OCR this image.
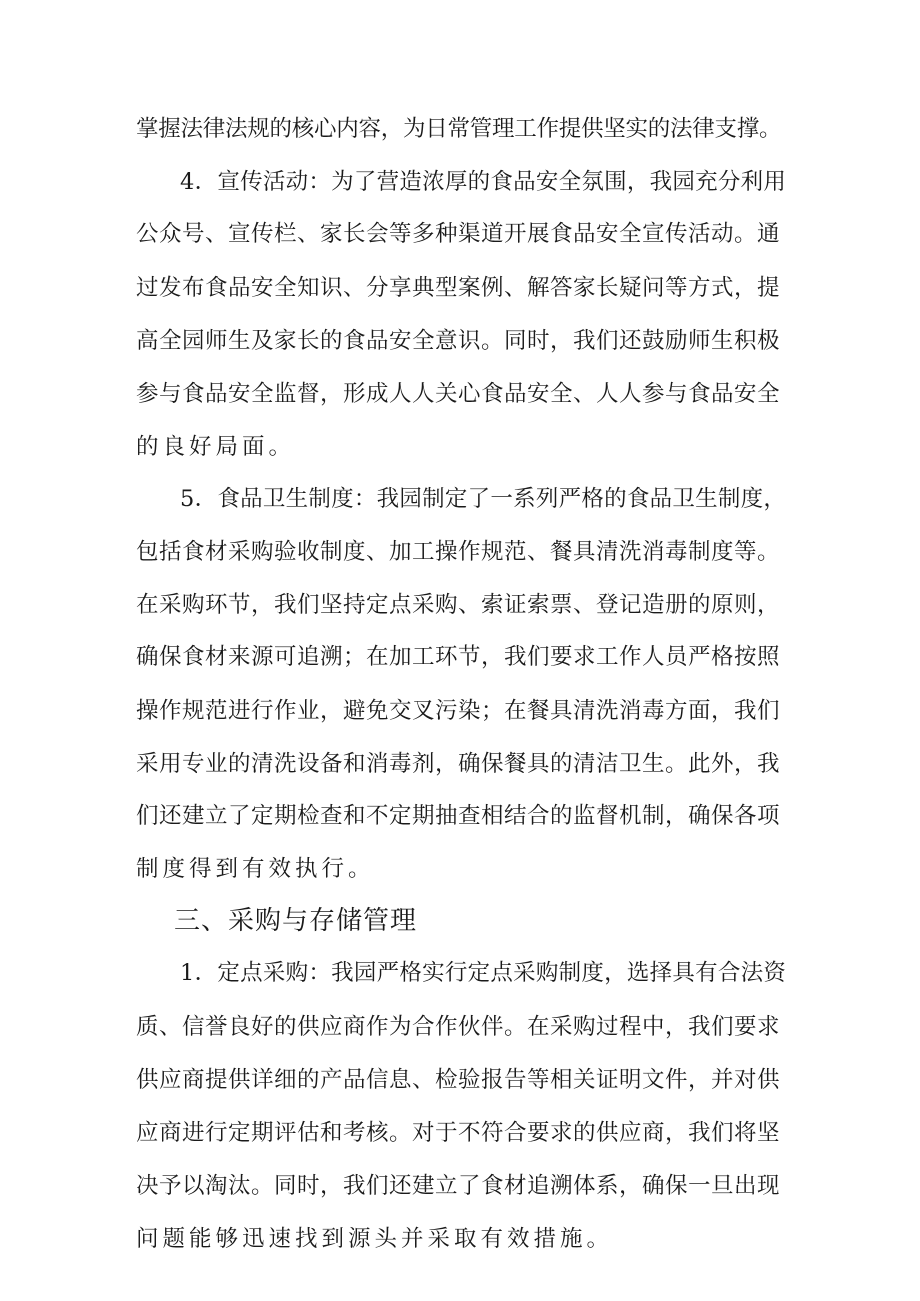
掌握法律法规的核心内容，为日常管理工作提供坚实的法律支撑。
4．宣传活动：为了营造浓厚的食品安全氛围，我园充分利用
公众号、宣传栏、家长会等多种渠道开展食品安全宣传活动。通
过发布食品安全知识、分享典型案例、解答家长疑问等方式，提
高全园师生及家长的食品安全意识。同时，我们还鼓励师生积极
参与食品安全监督，形成人人关心食品安全、人人参与食品安全
的良好局面。
5．食品卫生制度：我园制定了一系列严格的食品卫生制度，
包括食材采购验收制度、加工操作规范、餐具清洗消毒制度等。
在采购环节，我们坚持定点采购、索证索票、登记造册的原则，
确保食材来源可追溯；在加工环节，我们要求工作人员严格按照
操作规范进行作业，避免交叉污染；在餐具清洗消毒方面，我们
采用专业的清洗设备和消毒剂，确保餐具的清洁卫生。此外，我
们还建立了定期检查和不定期抽查相结合的监督机制，确保各项
制度得到有效执行。
三、采购与存储管理
1．定点采购：我园严格实行定点采购制度，选择具有合法资
质、信誉良好的供应商作为合作伙伴。在采购过程中，我们要求
供应商提供详细的产品信息、检验报告等相关证明文件，并对供
应商进行定期评估和考核。对于不符合要求的供应商，我们将坚
决予以淘汰。同时，我们还建立了食材追溯体系，确保一旦出现
问题能够迅速找到源头并采取有效措施。
